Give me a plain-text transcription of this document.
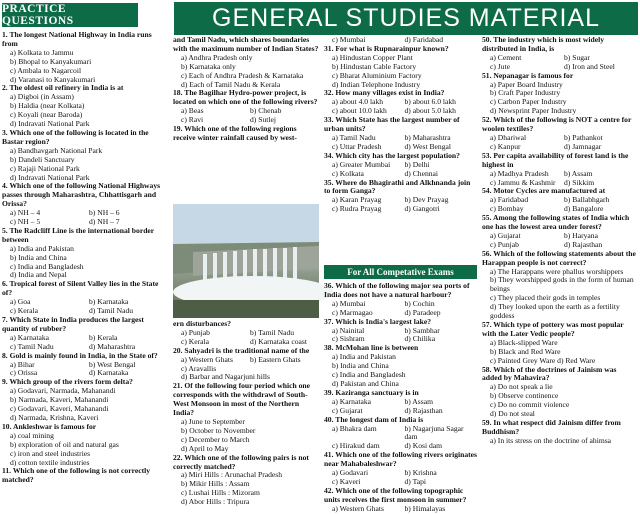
PRACTICE QUESTIONS	GENERAL STUDIES MATERIAL
1. The longest National Highway in India runs from
a) Kolkata to Jammu
b) Bhopal to Kanyakumari
c) Ambala to Nagarcoil
d) Varanasi to Kanyakumari
2. The oldest oil refinery in India is at
a) Digboi (in Assam)
b) Haldia (near Kolkata)
c) Koyali (near Baroda)
d) Indravati National Park
3. Which one of the following is located in the Bastar region?
a) Bandhavgarh National Park
b) Dandeli Sanctuary
c) Rajaji National Park
d) Indravati National Park
4. Which one of the following National Highways passes through Maharashtra, Chhattisgarh and Orissa?
a) NH – 4	b) NH – 6
c) NH – 5	d) NH – 7
5. The Radcliff Line is the international border between
a) India and Pakistan
b) India and China
c) India and Bangladesh
d) India and Nepal
6. Tropical forest of Silent Valley lies in the State of?
a) Goa	b) Karnataka
c) Kerala	d) Tamil Nadu
7. Which State in India produces the largest quantity of rubber?
a) Karnataka	b) Kerala
c) Tamil Nadu	d) Maharashtra
8. Gold is mainly found in India, in the State of?
a) Bihar	b) West Bengal
c) Orissa	d) Karnataka
9. Which group of the rivers form delta?
a) Godavari, Narmada, Mahanandi
b) Narmada, Kaveri, Mahanandi
c) Godavari, Kaveri, Mahanandi
d) Narmada, Krishna, Kaveri
10. Ankleshwar is famous for
a) coal mining
b) exploration of oil and natural gas
c) iron and steel industries
d) cotton textile industries
11. Which one of the following is not correctly matched?
and Tamil Nadu, which shares boundaries with the maximum number of Indian States?
a) Andhra Pradesh only
b) Karnataka only
c) Each of Andhra Pradesh & Karnataka
d) Each of Tamil Nadu & Kerala
18. The Bagilhar Hydro-power project, is located on which one of the following rivers?
a) Beas	b) Chenab
c) Ravi	d) Sutlej
19. Which one of the following regions receive winter rainfall caused by west-
ern disturbances?
a) Punjab	b) Tamil Nadu
c) Kerala	d) Karnataka coast
20. Sahyadri is the traditional name of the
a) Western Ghats	b) Eastern Ghats
c) Aravallis
d) Barbar and Nagarjuni hills
21. Of the following four period which one corresponds with the withdrawl of South-West Monsoon in most of the Northern India?
a) June to September
b) October to November
c) December to March
d) April to May
22. Which one of the following pairs is not correctly matched?
a) Miri Hills : Arunachal Pradesh
b) Mikir Hills : Assam
c) Lushai Hills : Mizoram
d) Abor Hills : Tripura
c) Mumbai	d) Faridabad
31. For what is Rupnarainpur known?
a) Hindustan Copper Plant
b) Hindustan Cable Factory
c) Bharat Aluminium Factory
d) Indian Telephone Industry
32. How many villages exist in India?
a) about 4.0 lakh	b) about 6.0 lakh
c) about 10.0 lakh	d) about 5.0 lakh
33. Which State has the largest number of urban units?
a) Tamil Nadu	b) Maharashtra
c) Uttar Pradesh	d) West Bengal
34. Which city has the largest population?
a) Greater Mumbai	b) Delhi
c) Kolkata	d) Chennai
35. Where do Bhagirathi and Alkhnanda join to form Ganga?
a) Karan Prayag	b) Dev Prayag
c) Rudra Prayag	d) Gangotri
For All Competative Exams
36. Which of the following major sea ports of India does not have a natural harbour?
a) Mumbai	b) Cochin
c) Marmagao	d) Paradeep
37. Which is India's largest lake?
a) Nainital	b) Sambhar
c) Sishram	d) Chilika
38. McMohan line is between
a) India and Pakistan
b) India and China
c) India and Bangladesh
d) Pakistan and China
39. Kaziranga sanctuary is in
a) Karnataka	b) Assam
c) Gujarat	d) Rajasthan
40. The longest dam of India is
a) Bhakra dam	b) Nagarjuna Sagar dam
c) Hirakud dam	d) Kosi dam
41. Which one of the following rivers originates near Mahabaleshwar?
a) Godavari	b) Krishna
c) Kaveri	d) Tapi
42. Which one of the following topographic units receives the first monsoon in summer?
a) Western Ghats	b) Himalayas
50. The industry which is most widely distributed in India, is
a) Cement	b) Sugar
c) Jute	d) Iron and Steel
51. Nepanagar is famous for
a) Paper Board Industry
b) Craft Paper Industry
c) Carbon Paper Industry
d) Newsprint Paper Industry
52. Which of the following is NOT a centre for woolen textiles?
a) Dhariwal	b) Pathankot
c) Kanpur	d) Jamnagar
53. Per capita availability of forest land is the highest in
a) Madhya Pradesh	b) Assam
c) Jammu & Kashmir	d) Sikkim
54. Motor Cycles are manufactured at
a) Faridabad	b) Ballabhgarh
c) Bombay	d) Bangalore
55. Among the following states of India which one has the lowest area under forest?
a) Gujarat	b) Haryana
c) Punjab	d) Rajasthan
56. Which of the following statements about the Harappan people is not correct?
a) The Harappans were phallus worshippers
b) They worshipped gods in the form of human beings
c) They placed their gods in temples
d) They looked upon the earth as a fertility goddess
57. Which type of pottery was most popular with the Later Vedic people?
a) Black-slipped Ware
b) Black and Red Ware
c) Painted Grey Ware d) Red Ware
58. Which of the doctrines of Jainism was added by Mahavira?
a) Do not speak a lie
b) Observe continence
c) Do no commit violence
d) Do not steal
59. In what respect did Jainism differ from Buddhism?
a) In its stress on the doctrine of ahimsa
